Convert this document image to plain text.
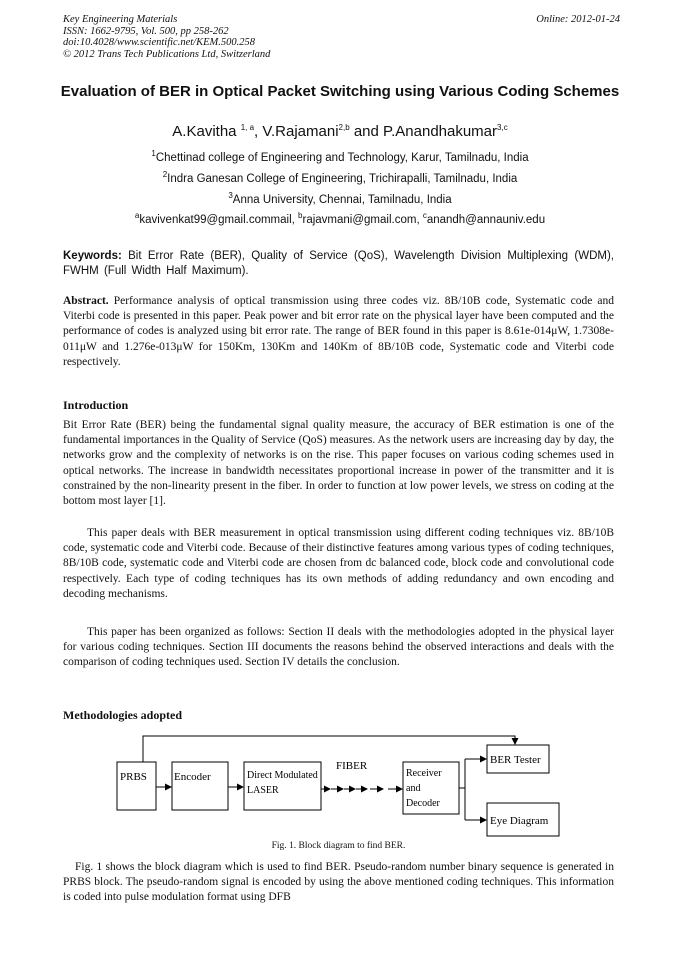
Key Engineering Materials
ISSN: 1662-9795, Vol. 500, pp 258-262
doi:10.4028/www.scientific.net/KEM.500.258
© 2012 Trans Tech Publications Ltd, Switzerland
Online: 2012-01-24
Evaluation of BER in Optical Packet Switching using Various Coding Schemes
A.Kavitha $^{1, a}$, V.Rajamani$^{2,b}$ and P.Anandhakumar$^{3,c}$
$^1$Chettinad college of Engineering and Technology, Karur, Tamilnadu, India
$^2$Indra Ganesan College of Engineering, Trichirapalli, Tamilnadu, India
$^3$Anna University, Chennai, Tamilnadu, India
$^a$kavivenkat99@gmail.commail, $^b$rajavmani@gmail.com, $^c$anandh@annauniv.edu
Keywords: Bit Error Rate (BER), Quality of Service (QoS), Wavelength Division Multiplexing (WDM), FWHM (Full Width Half Maximum).
Abstract. Performance analysis of optical transmission using three codes viz. 8B/10B code, Systematic code and Viterbi code is presented in this paper. Peak power and bit error rate on the physical layer have been computed and the performance of codes is analyzed using bit error rate. The range of BER found in this paper is 8.61e-014μW, 1.7308e-011μW and 1.276e-013μW for 150Km, 130Km and 140Km of 8B/10B code, Systematic code and Viterbi code respectively.
Introduction
Bit Error Rate (BER) being the fundamental signal quality measure, the accuracy of BER estimation is one of the fundamental importances in the Quality of Service (QoS) measures. As the network users are increasing day by day, the networks grow and the complexity of networks is on the rise. This paper focuses on various coding schemes used in optical networks. The increase in bandwidth necessitates proportional increase in power of the transmitter and it is constrained by the non-linearity present in the fiber. In order to function at low power levels, we stress on coding at the bottom most layer [1].
This paper deals with BER measurement in optical transmission using different coding techniques viz. 8B/10B code, systematic code and Viterbi code. Because of their distinctive features among various types of coding techniques, 8B/10B code, systematic code and Viterbi code are chosen from dc balanced code, block code and convolutional code respectively. Each type of coding techniques has its own methods of adding redundancy and own encoding and decoding mechanisms.
This paper has been organized as follows: Section II deals with the methodologies adopted in the physical layer for various coding techniques. Section III documents the reasons behind the observed interactions and deals with the comparison of coding techniques used. Section IV details the conclusion.
Methodologies adopted
PRBS Encoder	Direct Modulated
LASER
FIBER
Receiver
and
Decoder
BER Tester
Eye Diagram
Fig. 1. Block diagram to find BER.
Fig. 1 shows the block diagram which is used to find BER. Pseudo-random number binary sequence is generated in PRBS block. The pseudo-random signal is encoded by using the above mentioned coding techniques. This information is coded into pulse modulation format using DFB
